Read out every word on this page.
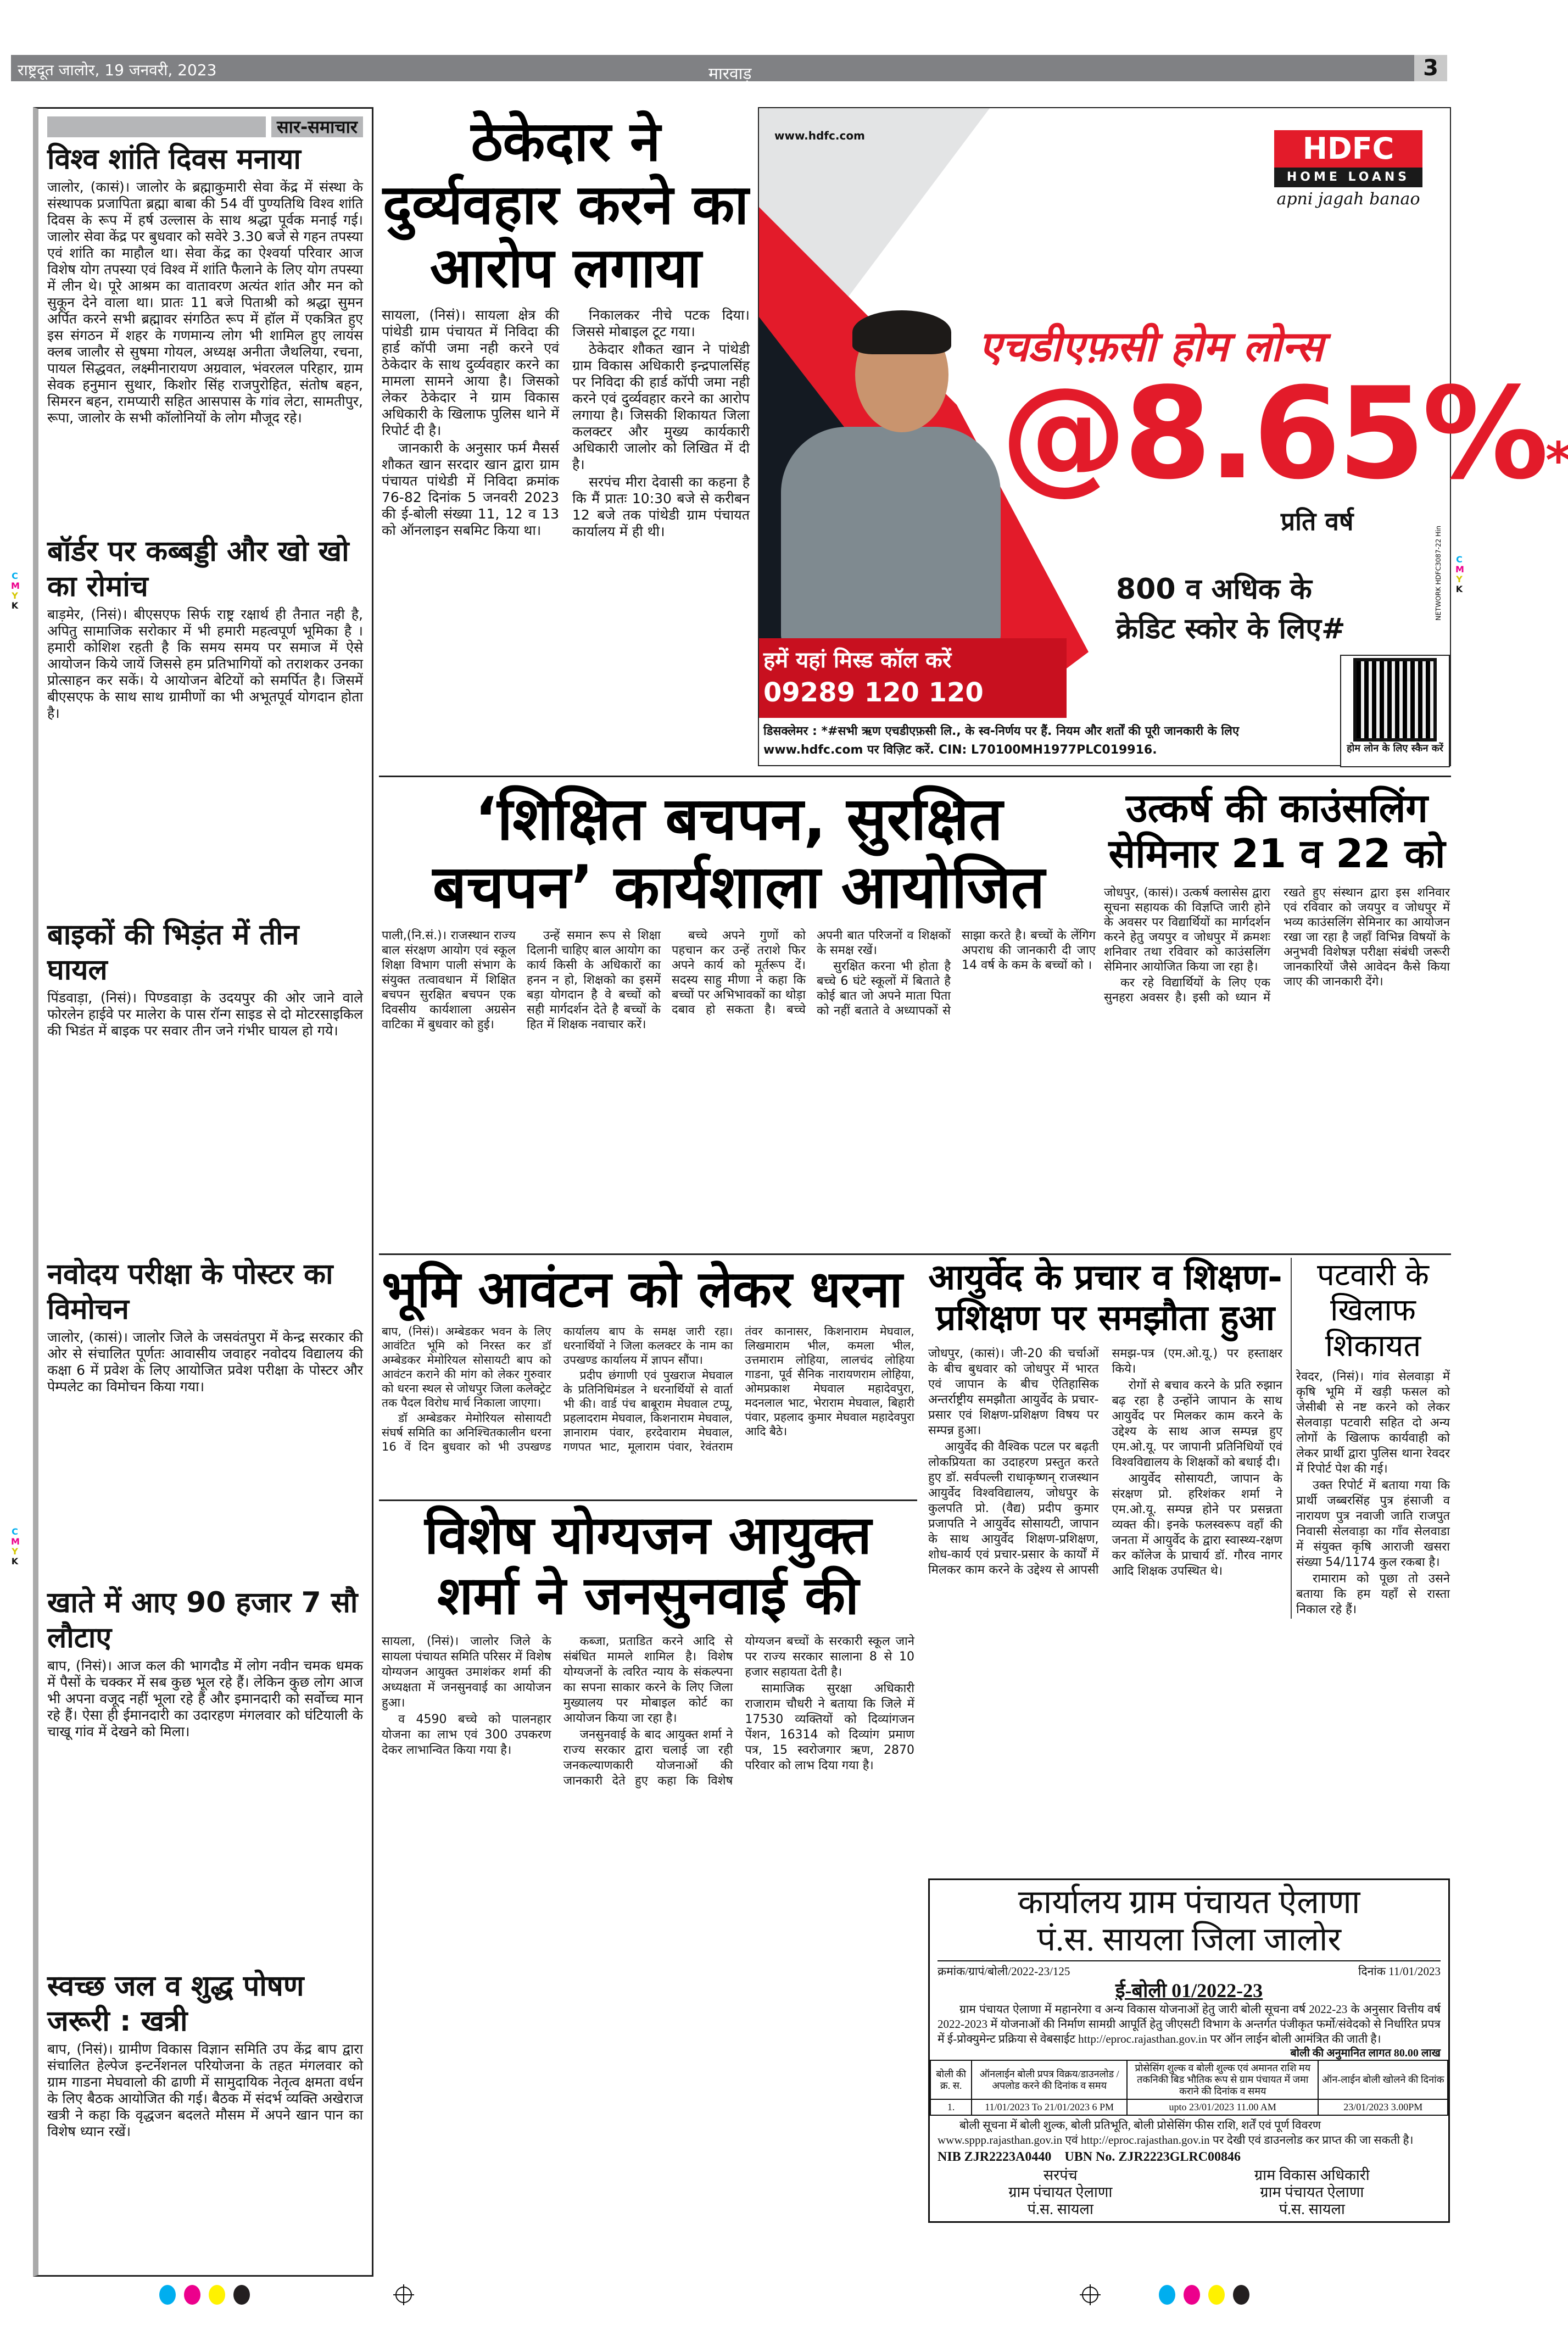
राष्ट्रदूत जालोर, 19 जनवरी, 2023	मारवाड़	3
सार-समाचार
विश्व शांति दिवस मनाया

जालोर, (कासं)। जालोर के ब्रह्माकुमारी सेवा केंद्र में संस्था के संस्थापक प्रजापिता ब्रह्मा बाबा की 54 वीं पुण्यतिथि विश्व शांति दिवस के रूप में हर्ष उल्लास के साथ श्रद्धा पूर्वक मनाई गई। जालोर सेवा केंद्र पर बुधवार को सवेरे 3.30 बजे से गहन तपस्या एवं शांति का माहौल था। सेवा केंद्र का ऐश्वर्या परिवार आज विशेष योग तपस्या एवं विश्व में शांति फैलाने के लिए योग तपस्या में लीन थे। पूरे आश्रम का वातावरण अत्यंत शांत और मन को सुकून देने वाला था। प्रातः 11 बजे पिताश्री को श्रद्धा सुमन अर्पित करने सभी ब्रह्मावर संगठित रूप में हॉल में एकत्रित हुए इस संगठन में शहर के गणमान्य लोग भी शामिल हुए लायंस क्लब जालौर से सुषमा गोयल, अध्यक्ष अनीता जैथलिया, रचना, पायल सिद्धवत, लक्ष्मीनारायण अग्रवाल, भंवरलल परिहार, ग्राम सेवक हनुमान सुथार, किशोर सिंह राजपुरोहित, संतोष बहन, सिमरन बहन, रामप्यारी सहित आसपास के गांव लेटा, सामतीपुर, रूपा, जालोर के सभी कॉलोनियों के लोग मौजूद रहे।

बॉर्डर पर कब्बड्डी और खो खो का रोमांच

बाड़मेर, (निसं)। बीएसएफ सिर्फ राष्ट्र रक्षार्थ ही तैनात नही है, अपितु सामाजिक सरोकार में भी हमारी महत्वपूर्ण भूमिका है । हमारी कोशिश रहती है कि समय समय पर समाज में ऐसे आयोजन किये जायें जिससे हम प्रतिभागियों को तराशकर उनका प्रोत्साहन कर सकें। ये आयोजन बेटियों को समर्पित है। जिसमें बीएसएफ के साथ साथ ग्रामीणों का भी अभूतपूर्व योगदान होता है।

बाइकों की भिड़ंत में तीन घायल

पिंडवाड़ा, (निसं)। पिण्डवाड़ा के उदयपुर की ओर जाने वाले फोरलेन हाईवे पर मालेरा के पास रॉन्ग साइड से दो मोटरसाइकिल की भिडंत में बाइक पर सवार तीन जने गंभीर घायल हो गये।

नवोदय परीक्षा के पोस्टर का विमोचन

जालोर, (कासं)। जालोर जिले के जसवंतपुरा में केन्द्र सरकार की ओर से संचालित पूर्णतः आवासीय जवाहर नवोदय विद्यालय की कक्षा 6 में प्रवेश के लिए आयोजित प्रवेश परीक्षा के पोस्टर और पेम्पलेट का विमोचन किया गया।

खाते में आए 90 हजार 7 सौ लौटाए

बाप, (निसं)। आज कल की भागदौड में लोग नवीन चमक धमक में पैसों के चक्कर में सब कुछ भूल रहे हैं। लेकिन कुछ लोग आज भी अपना वजूद नहीं भूला रहे हैं और इमानदारी को सर्वोच्च मान रहे हैं। ऐसा ही ईमानदारी का उदारहण मंगलवार को घंटियाली के चाखू गांव में देखने को मिला।

स्वच्छ जल व शुद्ध पोषण जरूरी : खत्री

बाप, (निसं)। ग्रामीण विकास विज्ञान समिति उप केंद्र बाप द्वारा संचालित हेल्पेज इन्टर्नेशनल परियोजना के तहत मंगलवार को ग्राम गाडना मेघवालो की ढाणी में सामुदायिक नेतृत्व क्षमता वर्धन के लिए बैठक आयोजित की गई। बैठक में संदर्भ व्यक्ति अखेराज खत्री ने कहा कि वृद्धजन बदलते मौसम में अपने खान पान का विशेष ध्यान रखें।

ठेकेदार ने दुर्व्यवहार करने का आरोप लगाया

सायला, (निसं)। सायला क्षेत्र की पांथेडी ग्राम पंचायत में निविदा की हार्ड कॉपी जमा नही करने एवं ठेकेदार के साथ दुर्व्यवहार करने का मामला सामने आया है। जिसको लेकर ठेकेदार ने ग्राम विकास अधिकारी के खिलाफ पुलिस थाने में रिपोर्ट दी है।

जानकारी के अनुसार फर्म मैसर्स शौकत खान सरदार खान द्वारा ग्राम पंचायत पांथेडी में निविदा क्रमांक 76-82 दिनांक 5 जनवरी 2023 की ई-बोली संख्या 11, 12 व 13 को ऑनलाइन सबमिट किया था।

निकालकर नीचे पटक दिया। जिससे मोबाइल टूट गया।

ठेकेदार शौकत खान ने पांथेडी ग्राम विकास अधिकारी इन्द्रपालसिंह पर निविदा की हार्ड कॉपी जमा नही करने एवं दुर्व्यवहार करने का आरोप लगाया है। जिसकी शिकायत जिला कलक्टर और मुख्य कार्यकारी अधिकारी जालोर को लिखित में दी है।

सरपंच मीरा देवासी का कहना है कि मैं प्रातः 10:30 बजे से करीबन 12 बजे तक पांथेडी ग्राम पंचायत कार्यालय में ही थी।

www.hdfc.com	HDFC
HOME LOANS
apni jagah banao
एचडीएफ़सी होम लोन्स
@8.65%*
प्रति वर्ष
800 व अधिक के
क्रेडिट स्कोर के लिए#
हमें यहां मिस्ड कॉल करें
09289 120 120
डिसक्लेमर : *#सभी ऋण एचडीएफ़सी लि., के स्व-निर्णय पर हैं. नियम और शर्तों की पूरी जानकारी के लिए
www.hdfc.com पर विज़िट करें. CIN: L70100MH1977PLC019916.	होम लोन के लिए स्कैन करें
NETWORK HDFC3087-22 Hin
‘शिक्षित बचपन, सुरक्षित बचपन’ कार्यशाला आयोजित

पाली,(नि.सं.)। राजस्थान राज्य बाल संरक्षण आयोग एवं स्कूल शिक्षा विभाग पाली संभाग के संयुक्त तत्वावधान में शिक्षित बचपन सुरक्षित बचपन एक दिवसीय कार्यशाला अग्रसेन वाटिका में बुधवार को हुई।

उन्हें समान रूप से शिक्षा दिलानी चाहिए बाल आयोग का कार्य किसी के अधिकारों का हनन न हो, शिक्षको का इसमें बड़ा योगदान है वे बच्चों को सही मार्गदर्शन देते है बच्चों के हित में शिक्षक नवाचार करें।

बच्चे अपने गुणों को पहचान कर उन्हें तराशे फिर अपने कार्य को मूर्तरूप दें। सदस्य साहु मीणा ने कहा कि बच्चों पर अभिभावकों का थोड़ा दबाव हो सकता है। बच्चे अपनी बात परिजनों व शिक्षकों के समक्ष रखें।

सुरक्षित करना भी होता है बच्चे 6 घंटे स्कूलों में बिताते है कोई बात जो अपने माता पिता को नहीं बताते वे अध्यापकों से साझा करते है। बच्चों के लेंगिग अपराध की जानकारी दी जाए 14 वर्ष के कम के बच्चों को ।

उत्कर्ष की काउंसलिंग सेमिनार 21 व 22 को

जोधपुर, (कासं)। उत्कर्ष क्लासेस द्वारा सूचना सहायक की विज्ञप्ति जारी होने के अवसर पर विद्यार्थियों का मार्गदर्शन करने हेतु जयपुर व जोधपुर में क्रमशः शनिवार तथा रविवार को काउंसलिंग सेमिनार आयोजित किया जा रहा है।

कर रहे विद्यार्थियों के लिए एक सुनहरा अवसर है। इसी को ध्यान में रखते हुए संस्थान द्वारा इस शनिवार एवं रविवार को जयपुर व जोधपुर में भव्य काउंसलिंग सेमिनार का आयोजन रखा जा रहा है जहाँ विभिन्न विषयों के अनुभवी विशेषज्ञ परीक्षा संबंधी जरूरी जानकारियों जैसे आवेदन कैसे किया जाए की जानकारी देंगे।

भूमि आवंटन को लेकर धरना

बाप, (निसं)। अम्बेडकर भवन के लिए आवंटित भूमि को निरस्त कर डॉ अम्बेडकर मेमोरियल सोसायटी बाप को आवंटन कराने की मांग को लेकर गुरुवार को धरना स्थल से जोधपुर जिला कलेक्ट्रेट तक पैदल विरोध मार्च निकाला जाएगा।

डॉ अम्बेडकर मेमोरियल सोसायटी संघर्ष समिति का अनिश्चितकालीन धरना 16 वें दिन बुधवार को भी उपखण्ड कार्यालय बाप के समक्ष जारी रहा। धरनार्थियों ने जिला कलक्टर के नाम का उपखण्ड कार्यालय में ज्ञापन सौंपा।

प्रदीप छंगाणी एवं पुखराज मेघवाल के प्रतिनिधिमंडल ने धरनार्थियों से वार्ता भी की। वार्ड पंच बाबूराम मेघवाल टप्पू, प्रहलादराम मेघवाल, किशनाराम मेघवाल, ज्ञानाराम पंवार, हरदेवाराम मेघवाल, गणपत भाट, मूलाराम पंवार, रेवंतराम तंवर कानासर, किशनाराम मेघवाल, लिखमाराम भील, कमला भील, उत्तमाराम लोहिया, लालचंद लोहिया गाडना, पूर्व सैनिक नारायणराम लोहिया, ओमप्रकाश मेघवाल महादेवपुरा, मदनलाल भाट, भेराराम मेघवाल, बिहारी पंवार, प्रहलाद कुमार मेघवाल महादेवपुरा आदि बैठे।

आयुर्वेद के प्रचार व शिक्षण-प्रशिक्षण पर समझौता हुआ

जोधपुर, (कासं)। जी-20 की चर्चाओं के बीच बुधवार को जोधपुर में भारत एवं जापान के बीच ऐतिहासिक अन्तर्राष्ट्रीय समझौता आयुर्वेद के प्रचार-प्रसार एवं शिक्षण-प्रशिक्षण विषय पर सम्पन्न हुआ।

आयुर्वेद की वैश्विक पटल पर बढ़ती लोकप्रियता का उदाहरण प्रस्तुत करते हुए डॉ. सर्वपल्ली राधाकृष्णन् राजस्थान आयुर्वेद विश्वविद्यालय, जोधपुर के कुलपति प्रो. (वैद्य) प्रदीप कुमार प्रजापति ने आयुर्वेद सोसायटी, जापान के साथ आयुर्वेद शिक्षण-प्रशिक्षण, शोध-कार्य एवं प्रचार-प्रसार के कार्यों में मिलकर काम करने के उद्देश्य से आपसी समझ-पत्र (एम.ओ.यू.) पर हस्ताक्षर किये।

रोगों से बचाव करने के प्रति रुझान बढ़ रहा है उन्होंने जापान के साथ आयुर्वेद पर मिलकर काम करने के उद्देश्य के साथ आज सम्पन्न हुए एम.ओ.यू. पर जापानी प्रतिनिधियों एवं विश्वविद्यालय के शिक्षकों को बधाई दी।

आयुर्वेद सोसायटी, जापान के संरक्षण प्रो. हरिशंकर शर्मा ने एम.ओ.यू. सम्पन्न होने पर प्रसन्नता व्यक्त की। इनके फलस्वरूप वहाँ की जनता में आयुर्वेद के द्वारा स्वास्थ्य-रक्षण कर कॉलेज के प्राचार्य डॉ. गौरव नागर आदि शिक्षक उपस्थित थे।

पटवारी के खिलाफ शिकायत

रेवदर, (निसं)। गांव सेलवाड़ा में कृषि भूमि में खड़ी फसल को जेसीबी से नष्ट करने को लेकर सेलवाड़ा पटवारी सहित दो अन्य लोगों के खिलाफ कार्यवाही को लेकर प्रार्थी द्वारा पुलिस थाना रेवदर में रिपोर्ट पेश की गई।

उक्त रिपोर्ट में बताया गया कि प्रार्थी जब्बरसिंह पुत्र हंसाजी व नारायण पुत्र नवाजी जाति राजपुत निवासी सेलवाड़ा का गाँव सेलवाडा में संयुक्त कृषि आराजी खसरा संख्या 54/1174 कुल रकबा है।

रामाराम को पूछा तो उसने बताया कि हम यहाँ से रास्ता निकाल रहे हैं।

विशेष योग्यजन आयुक्त शर्मा ने जनसुनवाई की

सायला, (निसं)। जालोर जिले के सायला पंचायत समिति परिसर में विशेष योग्यजन आयुक्त उमाशंकर शर्मा की अध्यक्षता में जनसुनवाई का आयोजन हुआ।

व 4590 बच्चे को पालनहार योजना का लाभ एवं 300 उपकरण देकर लाभान्वित किया गया है।

कब्जा, प्रताडित करने आदि से संबंधित मामले शामिल है। विशेष योग्यजनों के त्वरित न्याय के संकल्पना का सपना साकार करने के लिए जिला मुख्यालय पर मोबाइल कोर्ट का आयोजन किया जा रहा है।

जनसुनवाई के बाद आयुक्त शर्मा ने राज्य सरकार द्वारा चलाई जा रही जनकल्याणकारी योजनाओं की जानकारी देते हुए कहा कि विशेष योग्यजन बच्चों के सरकारी स्कूल जाने पर राज्य सरकार सालाना 8 से 10 हजार सहायता देती है।

सामाजिक सुरक्षा अधिकारी राजाराम चौधरी ने बताया कि जिले में 17530 व्यक्तियों को दिव्यांगजन पेंशन, 16314 को दिव्यांग प्रमाण पत्र, 15 स्वरोजगार ऋण, 2870 परिवार को लाभ दिया गया है।

कार्यालय ग्राम पंचायत ऐलाणा
पं.स. सायला जिला जालोर
क्रमांक/ग्रापं/बोली/2022-23/125	दिनांक 11/01/2023
ई-बोली 01/2022-23
ग्राम पंचायत ऐलाणा में महानरेगा व अन्य विकास योजनाओं हेतु जारी बोली सूचना वर्ष 2022-23 के अनुसार वित्तीय वर्ष 2022-2023 में योजनाओं की निर्माण सामग्री आपूर्ति हेतु जीएसटी विभाग के अन्तर्गत पंजीकृत फर्मो/संवेदको से निर्धारित प्रपत्र में ई-प्रोक्युमेन्ट प्रक्रिया से वेबसाईट http://eproc.rajasthan.gov.in पर ऑन लाईन बोली आमंत्रित की जाती है।
बोली की अनुमानित लागत 80.00 लाख
बोली की क्र. स.	ऑनलाईन बोली प्रपत्र विक्रय/डाउनलोड /अपलोड करने की दिनांक व समय	प्रोसेसिंग शुल्क व बोली शुल्क एवं अमानत राशि मय तकनिकी बिड भौतिक रूप से ग्राम पंचायत में जमा कराने की दिनांक व समय	ऑन-लाईन बोली खोलने की दिनांक
1.	11/01/2023 To 21/01/2023 6 PM	upto 23/01/2023 11.00 AM	23/01/2023 3.00PM
बोली सूचना में बोली शुल्क, बोली प्रतिभूति, बोली प्रोसेसिंग फीस राशि, शर्तें एवं पूर्ण विवरण www.sppp.rajasthan.gov.in एवं http://eproc.rajasthan.gov.in पर देखी एवं डाउनलोड कर प्राप्त की जा सकती है।
NIB ZJR2223A0440 UBN No. ZJR2223GLRC00846
सरपंच
ग्राम पंचायत ऐलाणा
पं.स. सायला
ग्राम विकास अधिकारी
ग्राम पंचायत ऐलाणा
पं.स. सायला
C
M
Y
K
C
M
Y
K
C
M
Y
K
